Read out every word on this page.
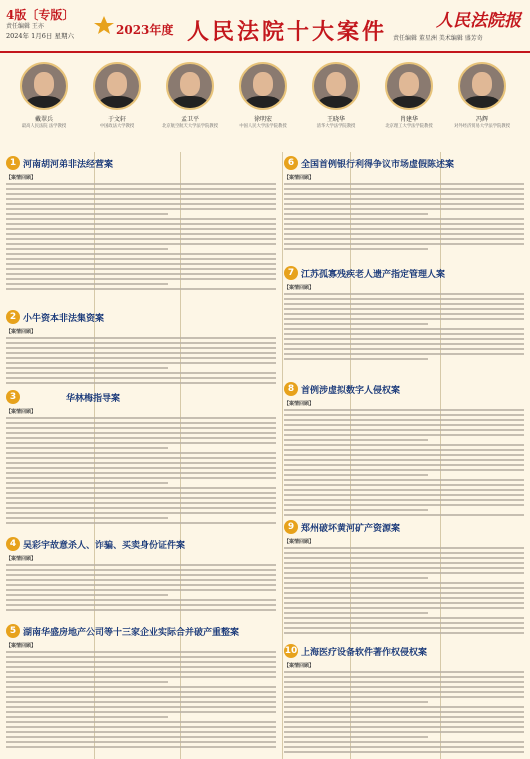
4版〔专版〕
责任编辑 王亦
2024年 1月6日 星期六	2023年度 人民法院十大案件	人民法院报
责任编辑 董星洲 美术编辑 盛芳奇
戴翠兵
最高人民法院 法学教授
于文轩
中国政法大学教授
孟卫平
北京航空航天大学法学院教授
徐明宏
中国人民大学法学院教授
王晓华
清华大学法学院教授
肖建华
北京理工大学法学院教授
冯辉
对外经济贸易大学法学院教授
1 河南胡河弟非法经营案
【案情回顾】
2 小牛资本非法集资案
【案情回顾】
3	华林梅指导案
【案情回顾】
4 吴彩宇故意杀人、诈骗、买卖身份证件案
【案情回顾】
5 湖南华盛房地产公司等十三家企业实际合并破产重整案
【案情回顾】
6 全国首例银行利得争议市场虚假陈述案
【案情回顾】
7 江苏孤寡残疾老人遗产指定管理人案
【案情回顾】
8 首例涉虚拟数字人侵权案
【案情回顾】
9 郑州破坏黄河矿产资源案
【案情回顾】
10 上海医疗设备软件著作权侵权案
【案情回顾】
